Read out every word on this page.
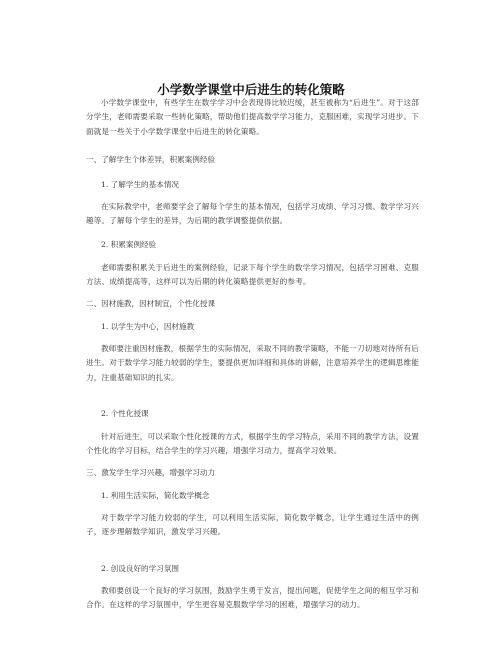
小学数学课堂中后进生的转化策略

小学数学课堂中，有些学生在数学学习中会表现得比较迟缓，甚至被称为“后进生”。对于这部分学生，老师需要采取一些转化策略，帮助他们提高数学学习能力，克服困难，实现学习进步。下面就是一些关于小学数学课堂中后进生的转化策略。

一、了解学生个体差异，积累案例经验

1. 了解学生的基本情况

在实际教学中，老师要学会了解每个学生的基本情况，包括学习成绩、学习习惯、数学学习兴趣等。了解每个学生的差异，为后期的教学调整提供依据。

2. 积累案例经验

老师需要积累关于后进生的案例经验，记录下每个学生的数学学习情况，包括学习困难、克服方法、成绩提高等，这样可以为后期的转化策略提供更好的参考。

二、因材施教，因材制宜，个性化授课

1. 以学生为中心，因材施教

教师要注重因材施教，根据学生的实际情况，采取不同的教学策略，不能一刀切地对待所有后进生。对于数学学习能力较弱的学生，要提供更加详细和具体的讲解，注意培养学生的逻辑思维能力，注重基础知识的扎实。

2. 个性化授课

针对后进生，可以采取个性化授课的方式，根据学生的学习特点，采用不同的教学方法，设置个性化的学习目标，结合学生的学习兴趣，增强学习动力，提高学习效果。

三、激发学生学习兴趣，增强学习动力

1. 利用生活实际，简化数学概念

对于数学学习能力较弱的学生，可以利用生活实际，简化数学概念，让学生通过生活中的例子，逐步理解数学知识，激发学习兴趣。

2. 创设良好的学习氛围

教师要创设一个良好的学习氛围，鼓励学生勇于发言，提出问题，促使学生之间的相互学习和合作。在这样的学习氛围中，学生更容易克服数学学习的困难，增强学习的动力。
